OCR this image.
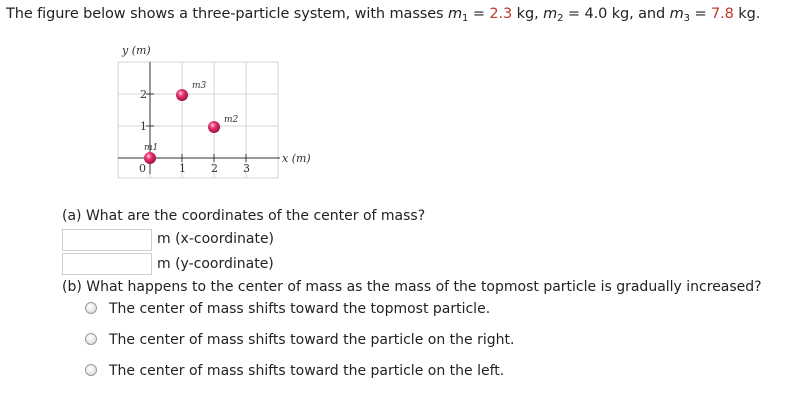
The figure below shows a three-particle system, with masses $m_1 = 2.3$ kg, $m_2 = 4.0$ kg, and $m_3 = 7.8$ kg.
y (m)
x (m)
2
1
0	1 2 3
m1
m2
m3
(a) What are the coordinates of the center of mass?
m (x-coordinate)
m (y-coordinate)
(b) What happens to the center of mass as the mass of the topmost particle is gradually increased?
The center of mass shifts toward the topmost particle.
The center of mass shifts toward the particle on the right.
The center of mass shifts toward the particle on the left.
